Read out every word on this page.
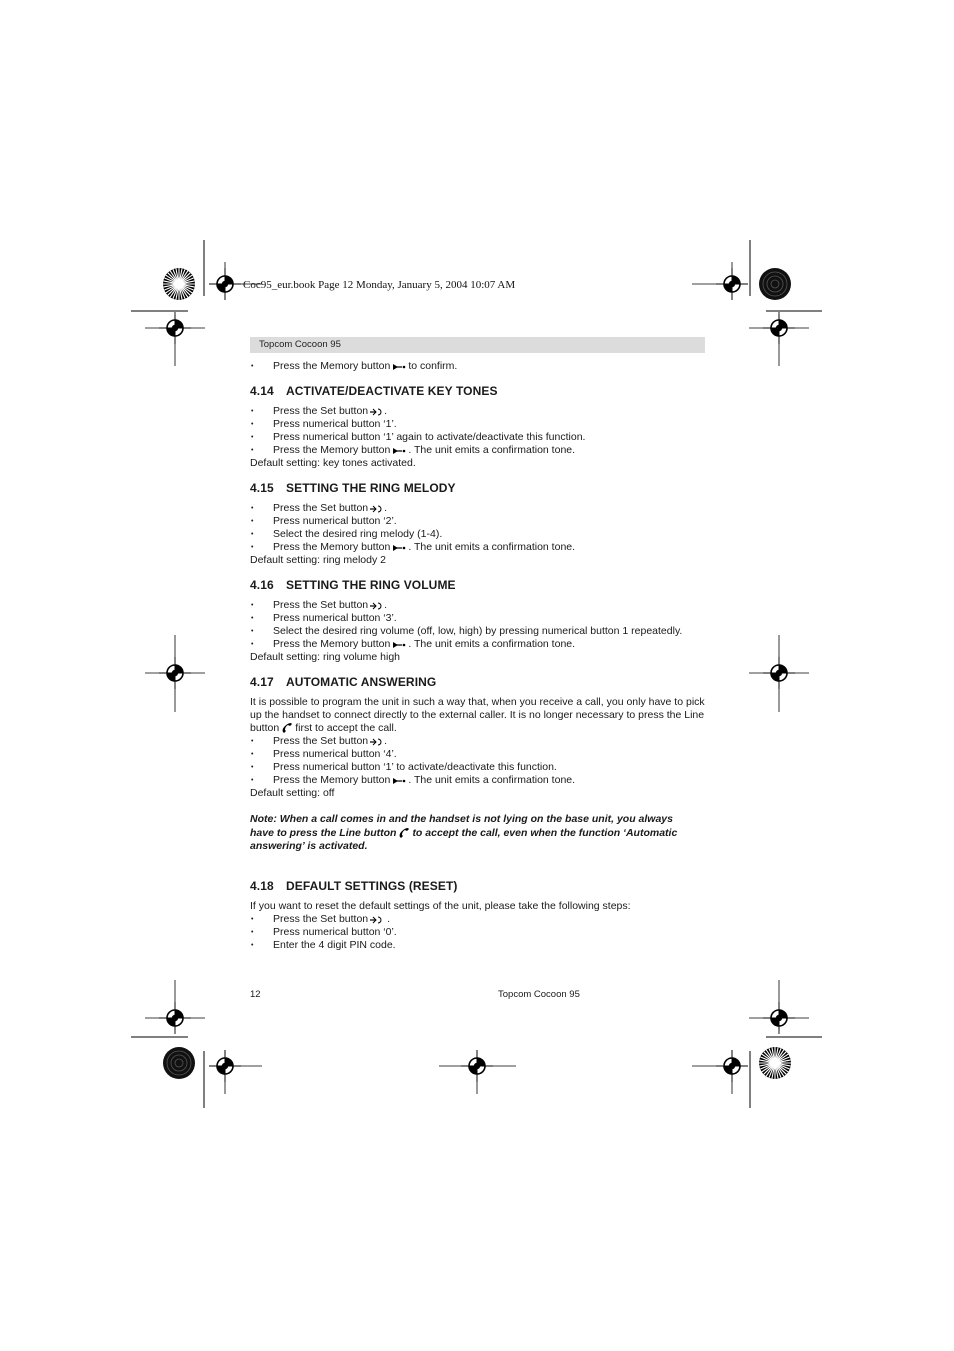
Coc95_eur.book Page 12 Monday, January 5, 2004 10:07 AM
Topcom Cocoon 95

• Press the Memory button to confirm.

4.14 ACTIVATE/DEACTIVATE KEY TONES

• Press the Set button .

• Press numerical button ‘1’.

• Press numerical button ‘1’ again to activate/deactivate this function.

• Press the Memory button . The unit emits a confirmation tone.

Default setting: key tones activated.

4.15 SETTING THE RING MELODY

• Press the Set button .

• Press numerical button ‘2’.

• Select the desired ring melody (1-4).

• Press the Memory button . The unit emits a confirmation tone.

Default setting: ring melody 2

4.16 SETTING THE RING VOLUME

• Press the Set button .

• Press numerical button ‘3’.

• Select the desired ring volume (off, low, high) by pressing numerical button 1 repeatedly.

• Press the Memory button . The unit emits a confirmation tone.

Default setting: ring volume high

4.17 AUTOMATIC ANSWERING

It is possible to program the unit in such a way that, when you receive a call, you only have to pick up the handset to connect directly to the external caller. It is no longer necessary to press the Line button first to accept the call.

• Press the Set button .

• Press numerical button ‘4’.

• Press numerical button ‘1’ to activate/deactivate this function.

• Press the Memory button . The unit emits a confirmation tone.

Default setting: off

Note: When a call comes in and the handset is not lying on the base unit, you always have to press the Line button to accept the call, even when the function ‘Automatic answering’ is activated.

4.18 DEFAULT SETTINGS (RESET)

If you want to reset the default settings of the unit, please take the following steps:

• Press the Set button .

• Press numerical button ‘0’.

• Enter the 4 digit PIN code.

12	Topcom Cocoon 95
